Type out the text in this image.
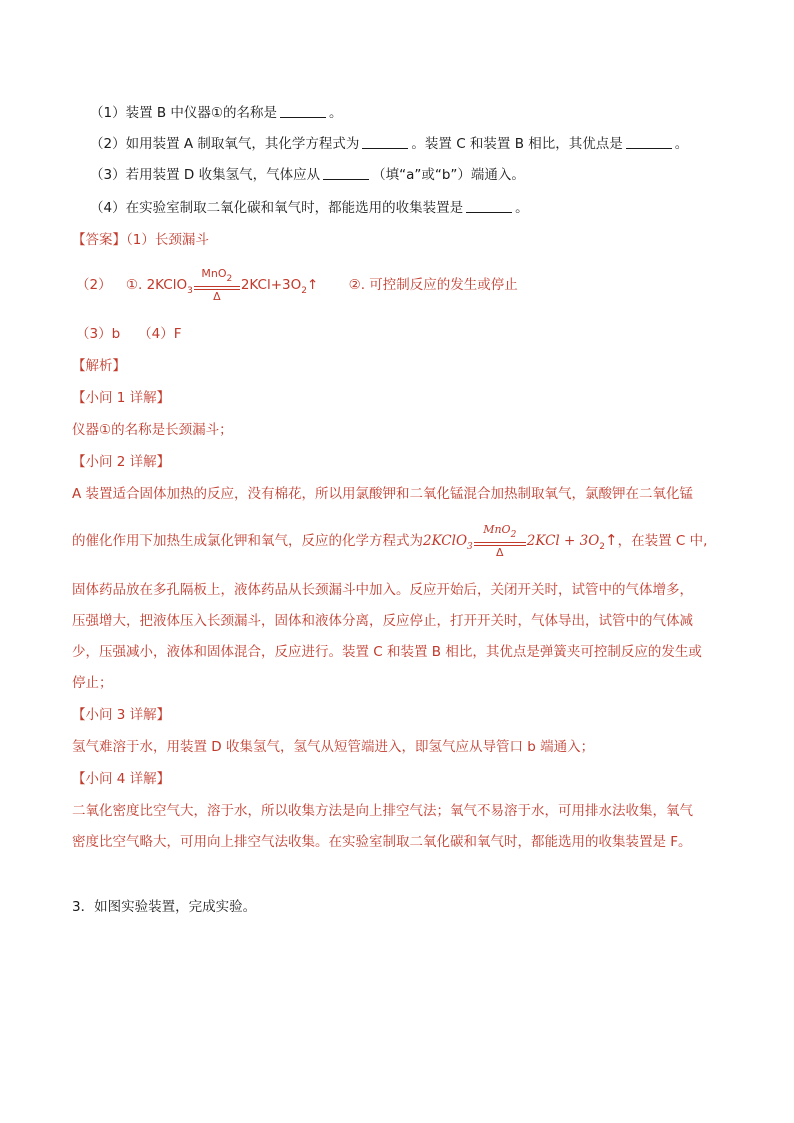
（1）装置 B 中仪器①的名称是	。
（2）如用装置 A 制取氧气，其化学方程式为	。装置 C 和装置 B 相比，其优点是	。
（3）若用装置 D 收集氢气，气体应从	（填“a”或“b”）端通入。
（4）在实验室制取二氧化碳和氧气时，都能选用的收集装置是	。
【答案】（1）长颈漏斗
（2） ①. 2KClO$_3$
MnO$_2$
Δ
$2KCl+3O_2↑$ ②. 可控制反应的发生或停止
（3）b （4）F
【解析】
【小问 1 详解】
仪器①的名称是长颈漏斗；
【小问 2 详解】
A 装置适合固体加热的反应，没有棉花，所以用氯酸钾和二氧化锰混合加热制取氧气，氯酸钾在二氧化锰
的催化作用下加热生成氯化钾和氧气，反应的化学方程式为2KClO$_3$
MnO$_2$
Δ
$2KCl + 3O_2↑$，在装置 C 中,
固体药品放在多孔隔板上，液体药品从长颈漏斗中加入。反应开始后，关闭开关时，试管中的气体增多，
压强增大，把液体压入长颈漏斗，固体和液体分离，反应停止，打开开关时，气体导出，试管中的气体减
少，压强减小，液体和固体混合，反应进行。装置 C 和装置 B 相比，其优点是弹簧夹可控制反应的发生或
停止；
【小问 3 详解】
氢气难溶于水，用装置 D 收集氢气，氢气从短管端进入，即氢气应从导管口 b 端通入；
【小问 4 详解】
二氧化密度比空气大，溶于水，所以收集方法是向上排空气法；氧气不易溶于水，可用排水法收集，氧气
密度比空气略大，可用向上排空气法收集。在实验室制取二氧化碳和氧气时，都能选用的收集装置是 F。
3．如图实验装置，完成实验。
